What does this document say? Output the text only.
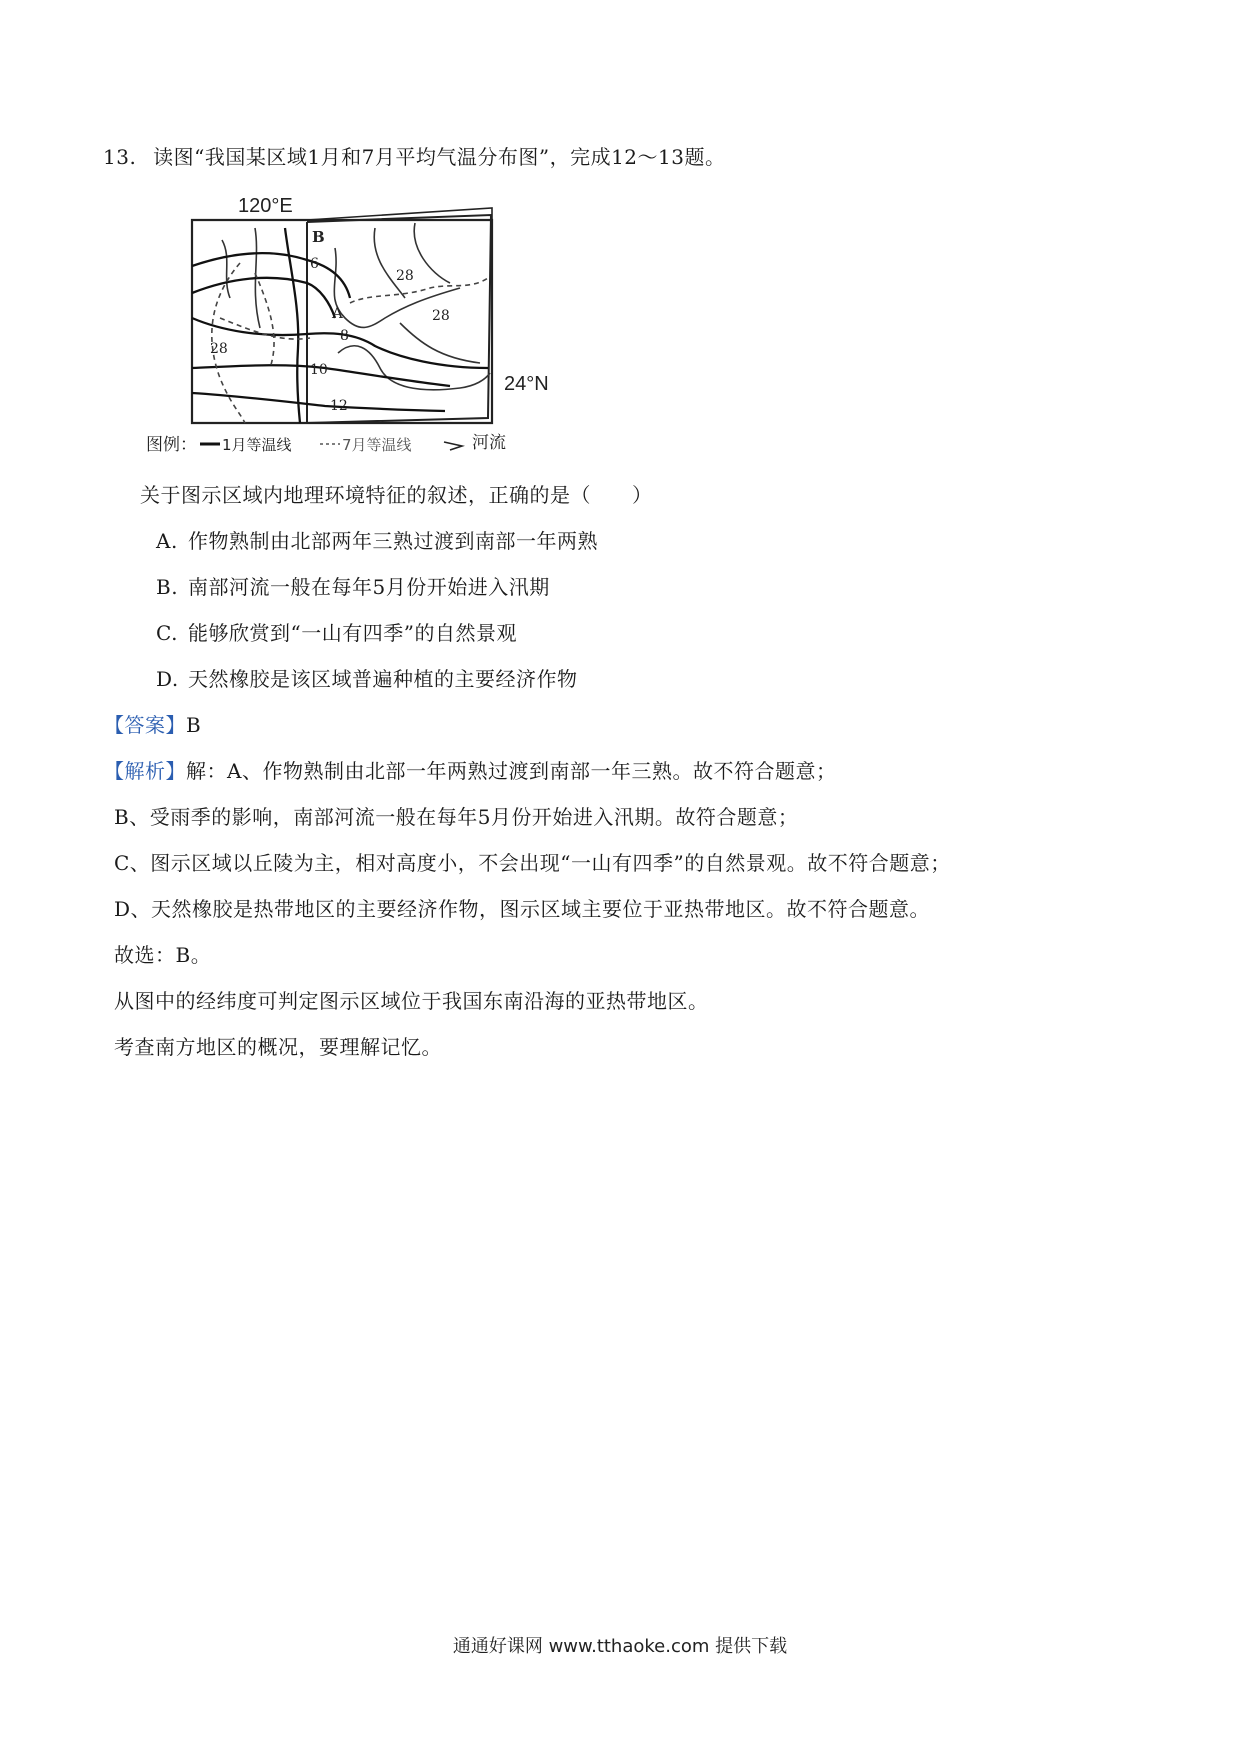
13. 读图“我国某区域1月和7月平均气温分布图”，完成12～13题。
120°E
24°N
B
A
6
8
10
12
28
28
28
图例： 1月等温线	7月等温线	河流
关于图示区域内地理环境特征的叙述，正确的是（　　）
A. 作物熟制由北部两年三熟过渡到南部一年两熟
B. 南部河流一般在每年5月份开始进入汛期
C. 能够欣赏到“一山有四季”的自然景观
D. 天然橡胶是该区域普遍种植的主要经济作物
【答案】B
【解析】解：A、作物熟制由北部一年两熟过渡到南部一年三熟。故不符合题意；
B、受雨季的影响，南部河流一般在每年5月份开始进入汛期。故符合题意；
C、图示区域以丘陵为主，相对高度小，不会出现“一山有四季”的自然景观。故不符合题意；
D、天然橡胶是热带地区的主要经济作物，图示区域主要位于亚热带地区。故不符合题意。
故选：B。
从图中的经纬度可判定图示区域位于我国东南沿海的亚热带地区。
考查南方地区的概况，要理解记忆。
通通好课网 www.tthaoke.com 提供下载
